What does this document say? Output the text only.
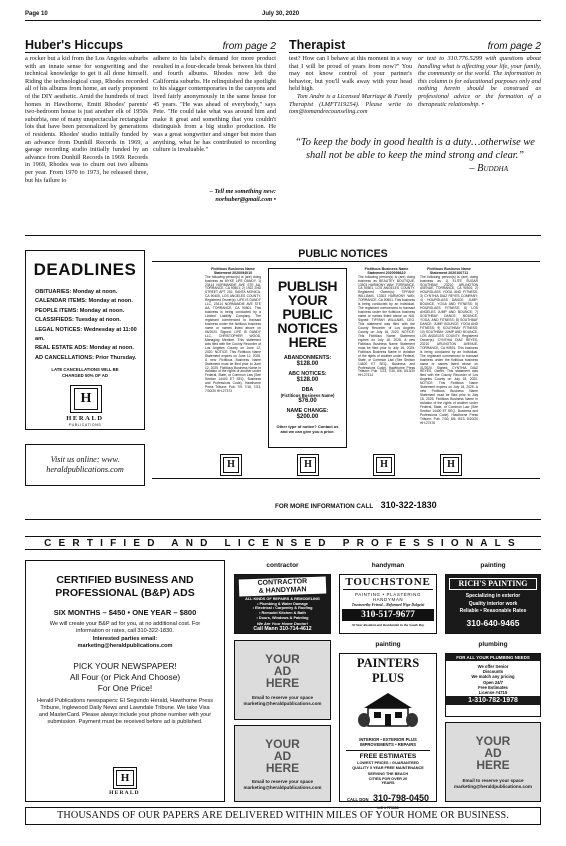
Page 10	July 30, 2020
Huber's Hiccups	from page 2
a rocker but a kid from the Los Angeles suburbs with an innate sense for songwriting and the technical knowledge to get it all done himself. Riding the technological cusp, Rhodes recorded all of his albums from home, an early proponent of the DIY aesthetic. Amid the hundreds of tract homes in Hawthorne, Emitt Rhodes' parents' two-bedroom house is just another elk of 1950s suburbia, one of many unspectacular rectangular lots that have been personalized by generations of residents. Rhodes' studio initially funded by an advance from Dunhill Records in 1969, a garage recording studio initially funded by an advance from Dunhill Records in 1969. Records in 1969, Rhodes was to churn out two albums per year. From 1970 to 1973, he released three, but his failure to
adhere to his label's demand for more product resulted in a four-decade break between his third and fourth albums. Rhodes now left the California suburbs. He relinquished the spotlight to his slagger contemporaries in the canyons and lived fairly anonymously in the same house for 45 years. "He was ahead of everybody," says Pete. "He could take what was around him and make it great and something that you couldn't distinguish from a big studio production. He was a great songwriter and singer but more than anything, what he has contributed to recording culture is invaluable."
– Tell me something new:
norhuber@gmail.com •
Therapist	from page 2

test? How can I behave at this moment in a way that I will be proud of years from now?" You may not know control of your partner's behavior, but you'll walk away with your head held high.

Tom Andre is a Licensed Marriage & Family Therapist (LMFT119254). Please write to tom@tomandrecounseling.com

or text to 310.776.5299 with questions about handling what is affecting your life, your family, the community or the world. The information in this column is for educational purposes only and nothing herein should be construed as professional advice or the formation of a therapeutic relationship. •
“To keep the body in good health is a duty…otherwise we shall not be able to keep the mind strong and clear.”
– Buddha
DEADLINES
OBITUARIES: Monday at noon.
CALENDAR ITEMS: Monday at noon.
PEOPLE ITEMS: Monday at noon.
CLASSIFIEDS: Tuesday at noon.
LEGAL NOTICES: Wednesday at 11:00 am.
REAL ESTATE ADS: Monday at noon.
AD CANCELLATIONS: Prior Thursday.
LATE CANCELLATIONS WILL BE CHARGED 50% OF AD
H
HERALD
PUBLICATIONS
Visit us online: www.
heraldpublications.com
PUBLIC NOTICES
Fictitious Business Name Statement 2020094010
The following person(s) is (are) doing business as MYKE LIFE DANDY, 1) 23414 NORMANDIE AVE STE AA, TORRANCE, CA 90501; 2) 1922 2ND STREET APT 202, SANTA MONICA, CA 90405, LOS ANGELES COUNTY. Registered Owner(s): LIFE IS DANDY LLC, 23414 NORMANDIE AVE STE AA, TORRANCE, CA 90501. This business is being conducted by a Limited Liability Company. The registrant commenced to transact business under the fictitious business name or names listed above on 06/2020. Signed: LIFE IS DANDY LLC, CHRISTOPHER WOOD, Managing Member. This statement was filed with the County Recorder of Los Angeles County on June 12, 2020. NOTICE: This Fictitious Name Statement expires on June 12, 2025. A new Fictitious Business Name Statement must be filed prior to June 12, 2025. Fictitious Business Name in violation of the rights of another under Federal, State, or Common Law (See Section 14400 ET SEQ., Business and Professions Code). Hawthorne Press Tribune: Pub. 7/9, 7/16, 7/23, 7/30/20 HH-27373
PUBLISH
YOUR
PUBLIC
NOTICES
HERE
ABANDONMENTS:
$128.00
ABC NOTICES:
$128.00
DBA
(Fictitious Business Name)
$76.00
NAME CHANGE:
$200.00
Other type of notice? Contact us and we can give you a price.
Fictitious Business Name Statement 2020098610
The following person(s) is (are) doing business as BEAUTEY BOUTIQUE, 13303 HARMONY WAY, TORRANCE, CA 90501, LOS ANGELES COUNTY. Registered Owner(s): TIFFANY WILLIAMS, 13303 HARMONY WAY, TORRANCE, CA 90501. This business is being conducted by an Individual. The registrant commenced to transact business under the fictitious business name or names listed above on N/A. Signed: TIFFANY WILLIAMS, CEO. This statement was filed with the County Recorder of Los Angeles County on July 16, 2020. NOTICE: This Fictitious Name Statement expires on July 16, 2025. A new Fictitious Business Name Statement must be filed prior to July 16, 2025. Fictitious Business Name in violation of the rights of another under Federal, State, or Common Law (See Section 14400 ET SEQ., Business and Professions Code). Hawthorne Press Tribune: Pub. 7/23, 7/30, 8/6, 8/13/20 HH-27414
Fictitious Business Name Statement 2020100711
The following person(s) is (are) doing business as 1) ELITE SUGAR SOUTHBAY, 23210 ARLINGTON AVENUE, TORRANCE, CA 90501; 2) HOURGLASS YOGA AND FITNESS; 3) CYNTHIA DIAZ REYES COMPANY; 4) HOURGLASS DANCE, JUMP, BOUNCE, YOGA AND FITNESS; 5) HOURGLASS FITNESS; 6) LOS ANGELES JUMP AND BOUNCE; 7) SOUTHBAY DANCE, BOUNCE, YOGA, AND FITNESS; 8) SOUTHBAY DANCE, JUMP, BOUNCE, YOGA AND FITNESS; 9) SOUTHBAY FITNESS; 10) SOUTHBAY JUMP AND BOUNCE, LOS ANGELES COUNTY. Registered Owner(s): CYNTHIA DIAZ REYES, 23210 ARLINGTON AVENUE, TORRANCE, CA 90501. This business is being conducted by an Individual. The registrant commenced to transact business under the fictitious business name or names listed above on 01/2020. Signed: CYNTHIA DIAZ REYES, Owner. This statement was filed with the County Recorder of Los Angeles County on July 18, 2020. NOTICE: This Fictitious Name Statement expires on July 18, 2025. A new Fictitious Business Name Statement must be filed prior to July 18, 2025. Fictitious Business Name in violation of the rights of another under Federal, State, or Common Law (See Section 14400 ET SEQ., Business and Professions Code). Hawthorne Press Tribune: Pub. 7/30, 8/6, 8/13, 8/20/20 HH-27476
H	H	H	H
FOR MORE INFORMATION CALL 310-322-1830
CERTIFIED AND LICENSED PROFESSIONALS
CERTIFIED BUSINESS AND PROFESSIONAL (B&P) ADS
SIX MONTHS – $450 • ONE YEAR – $800
We will create your B&P ad for you, at no additional cost. For information or rates, call 310-322-1830.
Interested parties email:
marketing@heraldpublications.com
PICK YOUR NEWSPAPER!
All Four (or Pick And Choose)
For One Price!
Herald Publications newspapers: El Segundo Herald, Hawthorne Press Tribune, Inglewood Daily News and Lawndale Tribune. We take Visa and MasterCard. Please always include your phone number with your submission. Payment must be received before ad is published.
H
HERALD
contractor	handyman	painting
CONTRACTOR
& HANDYMAN
ALL KINDS OF REPAIRS & REMODELING
• Plumbing & Water Damage
• Electrical • Carpentry & Roofing
• Remodel Kitchen & Bath
• Doors, Windows & Painting
We Are Your Home Doctor!
Call Mann 310-714-4612
TOUCHSTONE
PAINTING • PLASTERING
HANDYMAN
Trustworthy Friend – Reformed Wipe Dolgeist
310-517-9677
30 Year Resident and Residential in the South Bay
RICH'S PAINTING
Specializing in exterior
Quality interior work
Reliable • Reasonable Rates
310-640-9465
painting	plumbing
YOUR
AD
HERE
Email to reserve your space
marketing@heraldpublications.com
YOUR
AD
HERE
Email to reserve your space
marketing@heraldpublications.com
PAINTERS PLUS
INTERIOR • EXTERIOR PLUS IMPROVEMENTS • REPAIRS
FREE ESTIMATES
LOWEST PRICES • GUARANTEED QUALITY 5 YEAR FREE MAINTENANCE
SERVING THE BEACH CITIES FOR OVER 20 YEARS
CALL DON 310-798-0450
LIC # 779603
FOR ALL YOUR PLUMBING NEEDS
We offer Senior Discounts
We match any pricing
Open 24/7
Free Estimates
License #4715
1-310-782-1978
YOUR
AD
HERE
Email to reserve your space
marketing@heraldpublications.com
THOUSANDS OF OUR PAPERS ARE DELIVERED WITHIN MILES OF YOUR HOME OR BUSINESS.
